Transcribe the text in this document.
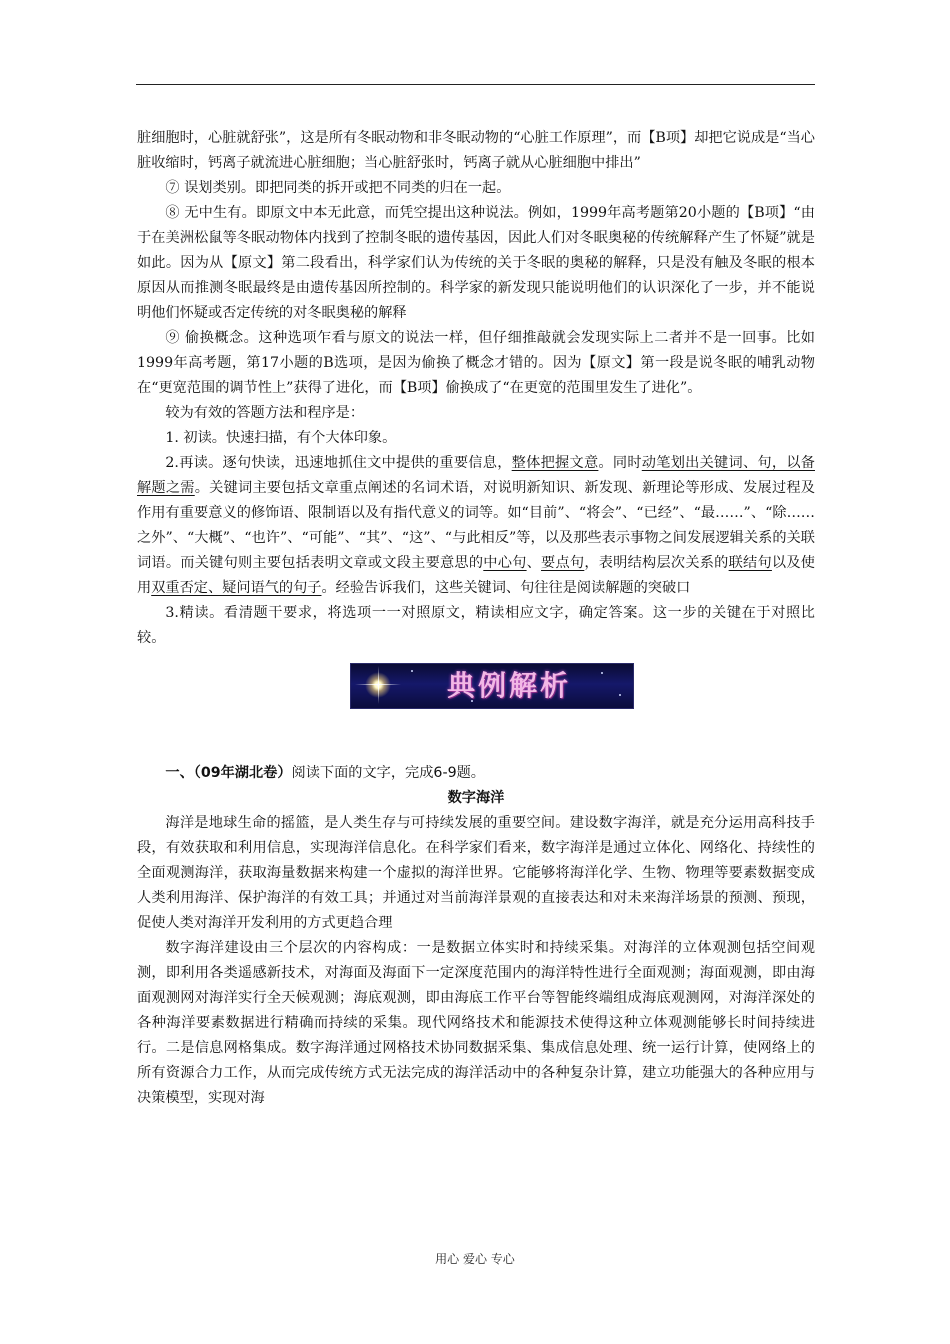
脏细胞时，心脏就舒张”，这是所有冬眠动物和非冬眠动物的“心脏工作原理”，而【B项】却把它说成是“当心脏收缩时，钙离子就流进心脏细胞；当心脏舒张时，钙离子就从心脏细胞中排出”

⑦ 误划类别。即把同类的拆开或把不同类的归在一起。

⑧ 无中生有。即原文中本无此意，而凭空提出这种说法。例如，1999年高考题第20小题的【B项】“由于在美洲松鼠等冬眠动物体内找到了控制冬眠的遗传基因，因此人们对冬眠奥秘的传统解释产生了怀疑”就是如此。因为从【原文】第二段看出，科学家们认为传统的关于冬眠的奥秘的解释，只是没有触及冬眠的根本原因从而推测冬眠最终是由遗传基因所控制的。科学家的新发现只能说明他们的认识深化了一步，并不能说明他们怀疑或否定传统的对冬眠奥秘的解释

⑨ 偷换概念。这种选项乍看与原文的说法一样，但仔细推敲就会发现实际上二者并不是一回事。比如1999年高考题，第17小题的B选项，是因为偷换了概念才错的。因为【原文】第一段是说冬眠的哺乳动物在“更宽范围的调节性上”获得了进化，而【B项】偷换成了“在更宽的范围里发生了进化”。

较为有效的答题方法和程序是：

1. 初读。快速扫描，有个大体印象。

2.再读。逐句快读，迅速地抓住文中提供的重要信息，整体把握文意。同时动笔划出关键词、句，以备解题之需。关键词主要包括文章重点阐述的名词术语，对说明新知识、新发现、新理论等形成、发展过程及作用有重要意义的修饰语、限制语以及有指代意义的词等。如“目前”、“将会”、“已经”、“最……”、“除……之外”、“大概”、“也许”、“可能”、“其”、“这”、“与此相反”等，以及那些表示事物之间发展逻辑关系的关联词语。而关键句则主要包括表明文章或文段主要意思的中心句、要点句，表明结构层次关系的联结句以及使用双重否定、疑问语气的句子。经验告诉我们，这些关键词、句往往是阅读解题的突破口

3.精读。看清题干要求，将选项一一对照原文，精读相应文字，确定答案。这一步的关键在于对照比较。

典例解析

一、（09年湖北卷）阅读下面的文字，完成6-9题。

数字海洋

海洋是地球生命的摇篮，是人类生存与可持续发展的重要空间。建设数字海洋，就是充分运用高科技手段，有效获取和利用信息，实现海洋信息化。在科学家们看来，数字海洋是通过立体化、网络化、持续性的全面观测海洋，获取海量数据来构建一个虚拟的海洋世界。它能够将海洋化学、生物、物理等要素数据变成人类利用海洋、保护海洋的有效工具；并通过对当前海洋景观的直接表达和对未来海洋场景的预测、预现，促使人类对海洋开发利用的方式更趋合理

数字海洋建设由三个层次的内容构成：一是数据立体实时和持续采集。对海洋的立体观测包括空间观测，即利用各类遥感新技术，对海面及海面下一定深度范围内的海洋特性进行全面观测；海面观测，即由海面观测网对海洋实行全天候观测；海底观测，即由海底工作平台等智能终端组成海底观测网，对海洋深处的各种海洋要素数据进行精确而持续的采集。现代网络技术和能源技术使得这种立体观测能够长时间持续进行。二是信息网格集成。数字海洋通过网格技术协同数据采集、集成信息处理、统一运行计算，使网络上的所有资源合力工作，从而完成传统方式无法完成的海洋活动中的各种复杂计算，建立功能强大的各种应用与决策模型，实现对海

用心 爱心 专心
